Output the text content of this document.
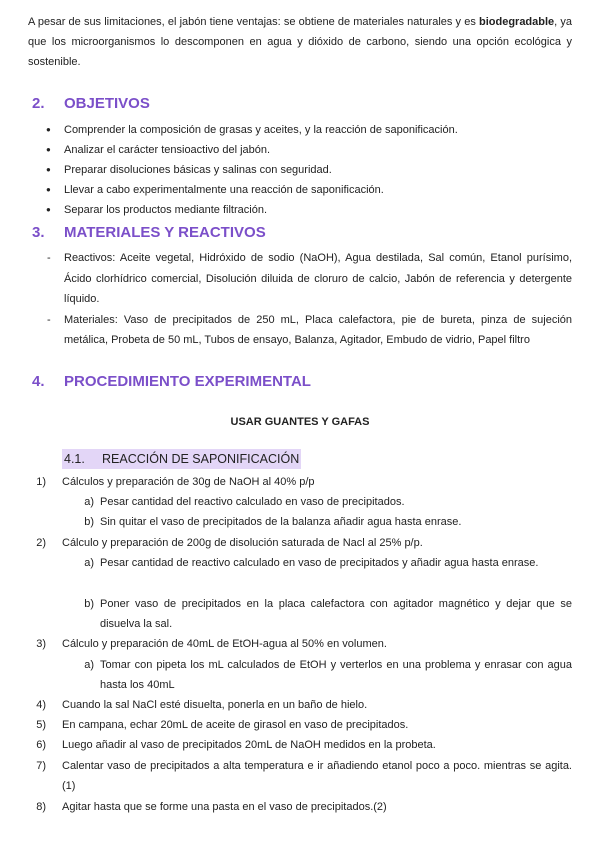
A pesar de sus limitaciones, el jabón tiene ventajas: se obtiene de materiales naturales y es biodegradable, ya que los microorganismos lo descomponen en agua y dióxido de carbono, siendo una opción ecológica y sostenible.

2. OBJETIVOS
● Comprender la composición de grasas y aceites, y la reacción de saponificación.
● Analizar el carácter tensioactivo del jabón.
● Preparar disoluciones básicas y salinas con seguridad.
● Llevar a cabo experimentalmente una reacción de saponificación.
● Separar los productos mediante filtración.
3. MATERIALES Y REACTIVOS
- Reactivos: Aceite vegetal, Hidróxido de sodio (NaOH), Agua destilada, Sal común, Etanol purísimo, Ácido clorhídrico comercial, Disolución diluida de cloruro de calcio, Jabón de referencia y detergente líquido.
- Materiales: Vaso de precipitados de 250 mL, Placa calefactora, pie de bureta, pinza de sujeción metálica, Probeta de 50 mL, Tubos de ensayo, Balanza, Agitador, Embudo de vidrio, Papel filtro
4. PROCEDIMIENTO EXPERIMENTAL
USAR GUANTES Y GAFAS
4.1. REACCIÓN DE SAPONIFICACIÓN
1) Cálculos y preparación de 30g de NaOH al 40% p/p
a) Pesar cantidad del reactivo calculado en vaso de precipitados.
b) Sin quitar el vaso de precipitados de la balanza añadir agua hasta enrase.
2) Cálculo y preparación de 200g de disolución saturada de Nacl al 25% p/p.
a) Pesar cantidad de reactivo calculado en vaso de precipitados y añadir agua hasta enrase.
b) Poner vaso de precipitados en la placa calefactora con agitador magnético y dejar que se disuelva la sal.
3) Cálculo y preparación de 40mL de EtOH-agua al 50% en volumen.
a) Tomar con pipeta los mL calculados de EtOH y verterlos en una problema y enrasar con agua hasta los 40mL
4) Cuando la sal NaCl esté disuelta, ponerla en un baño de hielo.
5) En campana, echar 20mL de aceite de girasol en vaso de precipitados.
6) Luego añadir al vaso de precipitados 20mL de NaOH medidos en la probeta.
7) Calentar vaso de precipitados a alta temperatura e ir añadiendo etanol poco a poco. mientras se agita. (1)
8) Agitar hasta que se forme una pasta en el vaso de precipitados.(2)
